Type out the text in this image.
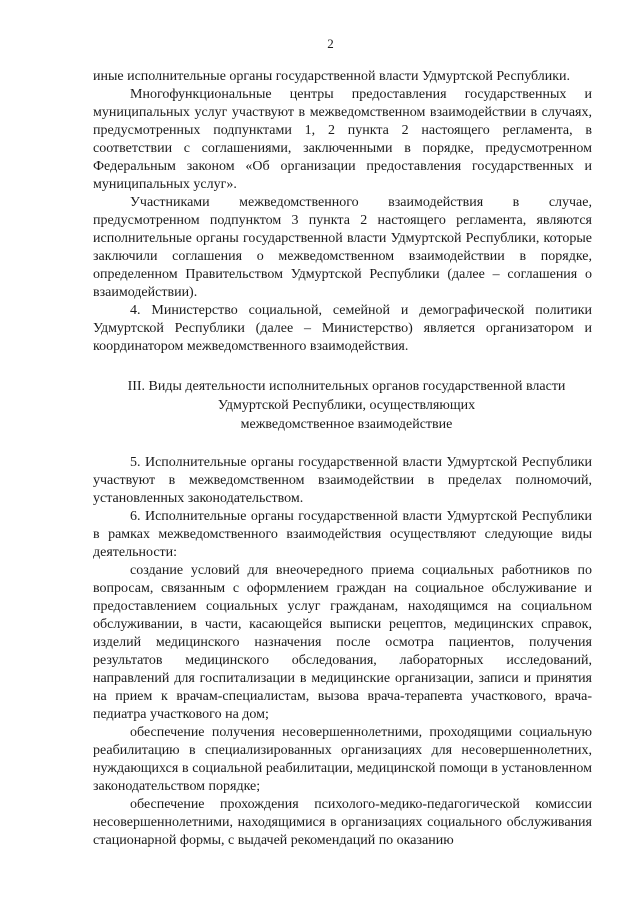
2

иные исполнительные органы государственной власти Удмуртской Республики.

Многофункциональные центры предоставления государственных и муниципальных услуг участвуют в межведомственном взаимодействии в случаях, предусмотренных подпунктами 1, 2 пункта 2 настоящего регламента, в соответствии с соглашениями, заключенными в порядке, предусмотренном Федеральным законом «Об организации предоставления государственных и муниципальных услуг».

Участниками межведомственного взаимодействия в случае, предусмотренном подпунктом 3 пункта 2 настоящего регламента, являются исполнительные органы государственной власти Удмуртской Республики, которые заключили соглашения о межведомственном взаимодействии в порядке, определенном Правительством Удмуртской Республики (далее – соглашения о взаимодействии).

4. Министерство социальной, семейной и демографической политики Удмуртской Республики (далее – Министерство) является организатором и координатором межведомственного взаимодействия.

III. Виды деятельности исполнительных органов государственной власти
Удмуртской Республики, осуществляющих
межведомственное взаимодействие

5. Исполнительные органы государственной власти Удмуртской Республики участвуют в межведомственном взаимодействии в пределах полномочий, установленных законодательством.

6. Исполнительные органы государственной власти Удмуртской Республики в рамках межведомственного взаимодействия осуществляют следующие виды деятельности:

создание условий для внеочередного приема социальных работников по вопросам, связанным с оформлением граждан на социальное обслуживание и предоставлением социальных услуг гражданам, находящимся на социальном обслуживании, в части, касающейся выписки рецептов, медицинских справок, изделий медицинского назначения после осмотра пациентов, получения результатов медицинского обследования, лабораторных исследований, направлений для госпитализации в медицинские организации, записи и принятия на прием к врачам-специалистам, вызова врача-терапевта участкового, врача-педиатра участкового на дом;

обеспечение получения несовершеннолетними, проходящими социальную реабилитацию в специализированных организациях для несовершеннолетних, нуждающихся в социальной реабилитации, медицинской помощи в установленном законодательством порядке;

обеспечение прохождения психолого-медико-педагогической комиссии несовершеннолетними, находящимися в организациях социального обслуживания стационарной формы, с выдачей рекомендаций по оказанию
